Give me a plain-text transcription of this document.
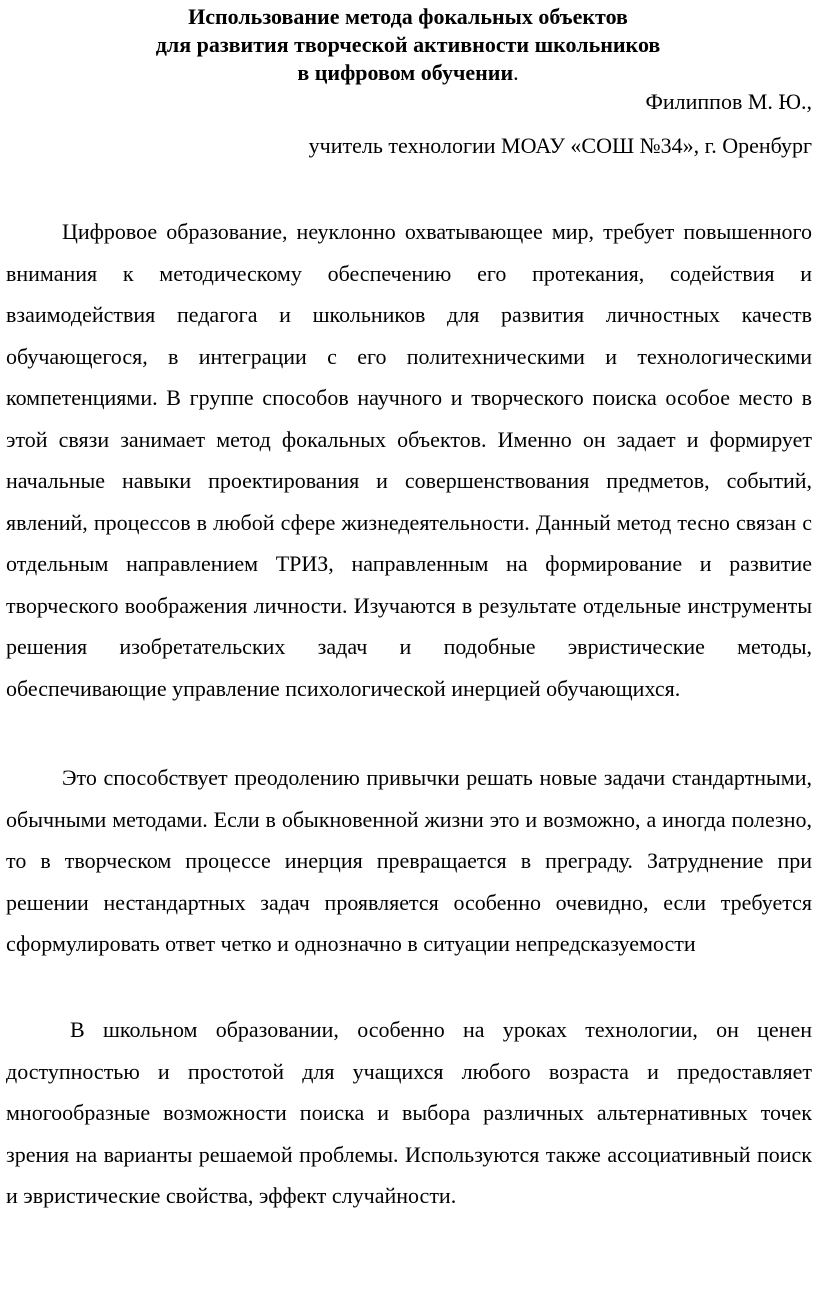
Использование метода фокальных объектов
для развития творческой активности школьников
в цифровом обучении.
Филиппов М. Ю.,
учитель технологии МОАУ «СОШ №34», г. Оренбург

Цифровое образование, неуклонно охватывающее мир, требует повышенного внимания к методическому обеспечению его протекания, содействия и взаимодействия педагога и школьников для развития личностных качеств обучающегося, в интеграции с его политехническими и технологическими компетенциями. В группе способов научного и творческого поиска особое место в этой связи занимает метод фокальных объектов. Именно он задает и формирует начальные навыки проектирования и совершенствования предметов, событий, явлений, процессов в любой сфере жизнедеятельности. Данный метод тесно связан с отдельным направлением ТРИЗ, направленным на формирование и развитие творческого воображения личности. Изучаются в результате отдельные инструменты решения изобретательских задач и подобные эвристические методы, обеспечивающие управление психологической инерцией обучающихся.

Это способствует преодолению привычки решать новые задачи стандартными, обычными методами. Если в обыкновенной жизни это и возможно, а иногда полезно, то в творческом процессе инерция превращается в преграду. Затруднение при решении нестандартных задач проявляется особенно очевидно, если требуется сформулировать ответ четко и однозначно в ситуации непредсказуемости

В школьном образовании, особенно на уроках технологии, он ценен доступностью и простотой для учащихся любого возраста и предоставляет многообразные возможности поиска и выбора различных альтернативных точек зрения на варианты решаемой проблемы. Используются также ассоциативный поиск и эвристические свойства, эффект случайности.
